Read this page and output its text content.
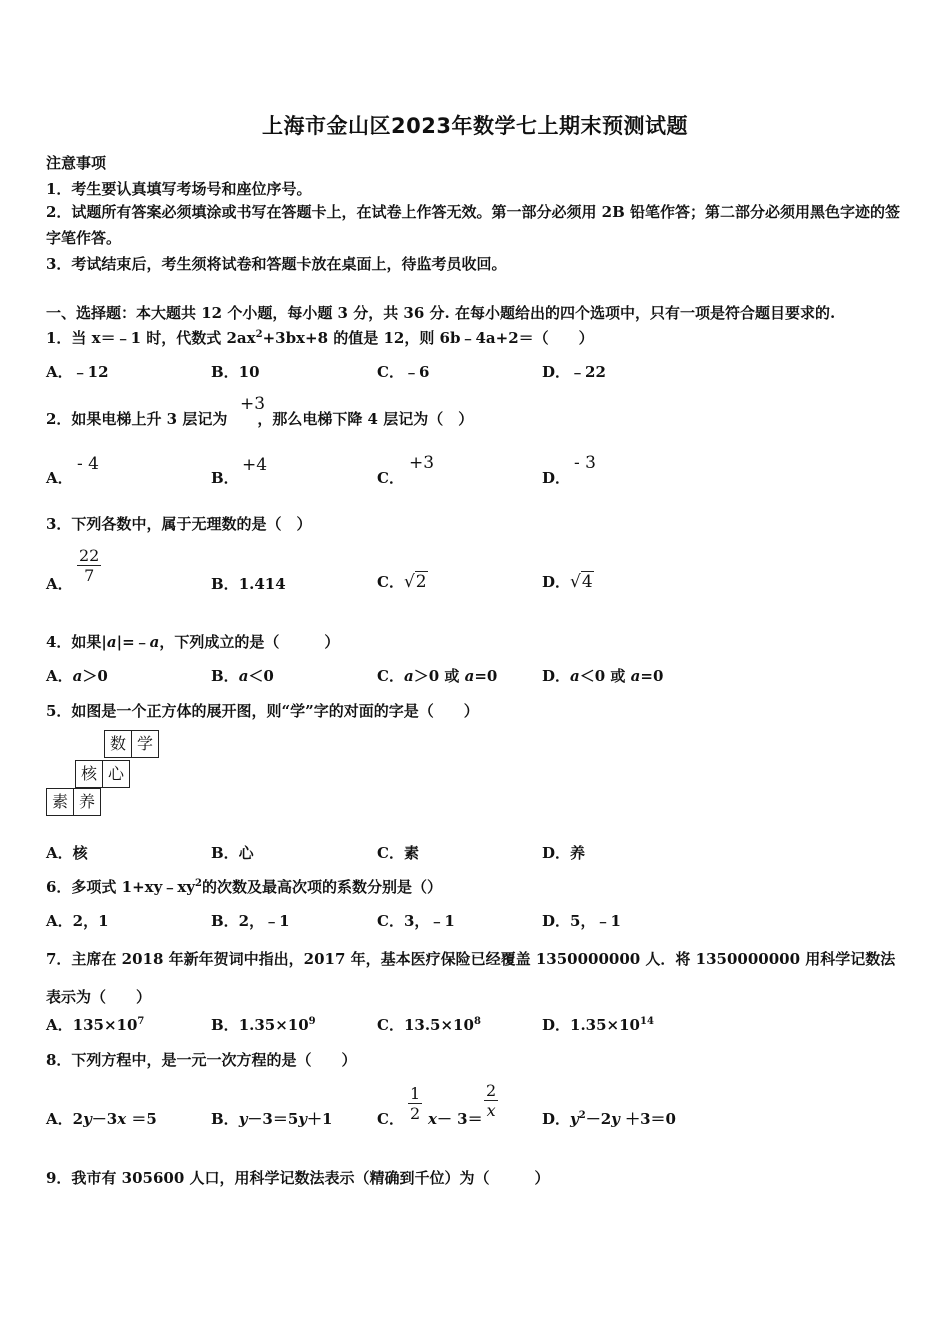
上海市金山区2023年数学七上期末预测试题
注意事项
1．考生要认真填写考场号和座位序号。
2．试题所有答案必须填涂或书写在答题卡上，在试卷上作答无效。第一部分必须用 2B 铅笔作答；第二部分必须用黑色字迹的签字笔作答。
3．考试结束后，考生须将试卷和答题卡放在桌面上，待监考员收回。
一、选择题：本大题共 12 个小题，每小题 3 分，共 36 分. 在每小题给出的四个选项中，只有一项是符合题目要求的.
1．当 x＝﹣1 时，代数式 $2ax^2+3bx+8$ 的值是 12，则 6b﹣4a+2＝（　　）
A．﹣12	B．10	C．﹣6	D．﹣22
2．如果电梯上升 3 层记为 ，那么电梯下降 4 层记为（　）
+3
A．
- 4
B．
+4
C．
+3
D．
- 3
3．下列各数中，属于无理数的是（　）
A． $\frac{22}{7}$	B．1.414	C．√2	D．√4
4．如果|a|=﹣a，下列成立的是（　　　）
A．a＞0	B．a＜0	C．a＞0 或 a=0	D．a＜0 或 a=0
5．如图是一个正方体的展开图，则“学”字的对面的字是（　　）
数 学
核 心
素 养
A．核	B．心	C．素	D．养
6．多项式 $1+xy﹣xy^2$的次数及最高次项的系数分别是（）
A．2，1	B．2，﹣1	C．3，﹣1	D．5，﹣1
7．主席在 2018 年新年贺词中指出，2017 年，基本医疗保险已经覆盖 1350000000 人．将 1350000000 用科学记数法表示为（　　）
A．$135\times 10^7$	B．$1.35\times 10^9$	C．$13.5\times 10^8$	D．$1.35\times 10^{14}$
8．下列方程中，是一元一次方程的是（　　）
A．2y－3x ＝5	B．y－3＝5y＋1	C． $\frac{1}{2} x- 3= \frac{2}{x}$	D．$y^2-2y +3=0$
9．我市有 305600 人口，用科学记数法表示（精确到千位）为（　　　）
